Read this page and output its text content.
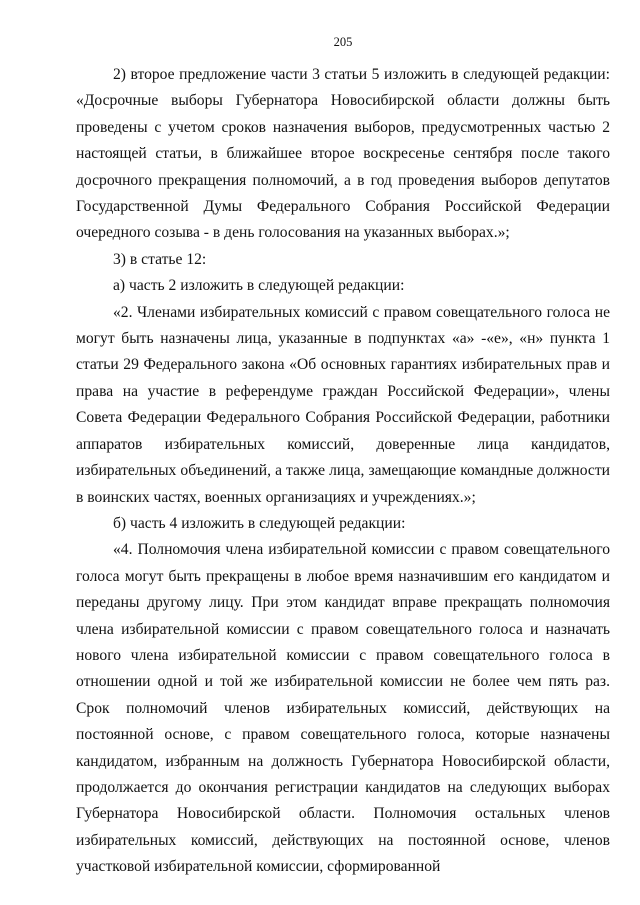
205

2) второе предложение части 3 статьи 5 изложить в следующей редакции: «Досрочные выборы Губернатора Новосибирской области должны быть проведены с учетом сроков назначения выборов, предусмотренных частью 2 настоящей статьи, в ближайшее второе воскресенье сентября после такого досрочного прекращения полномочий, а в год проведения выборов депутатов Государственной Думы Федерального Собрания Российской Федерации очередного созыва - в день голосования на указанных выборах.»;

3) в статье 12:

а) часть 2 изложить в следующей редакции:

«2. Членами избирательных комиссий с правом совещательного голоса не могут быть назначены лица, указанные в подпунктах «а» -«е», «н» пункта 1 статьи 29 Федерального закона «Об основных гарантиях избирательных прав и права на участие в референдуме граждан Российской Федерации», члены Совета Федерации Федерального Собрания Российской Федерации, работники аппаратов избирательных комиссий, доверенные лица кандидатов, избирательных объединений, а также лица, замещающие командные должности в воинских частях, военных организациях и учреждениях.»;

б) часть 4 изложить в следующей редакции:

«4. Полномочия члена избирательной комиссии с правом совещательного голоса могут быть прекращены в любое время назначившим его кандидатом и переданы другому лицу. При этом кандидат вправе прекращать полномочия члена избирательной комиссии с правом совещательного голоса и назначать нового члена избирательной комиссии с правом совещательного голоса в отношении одной и той же избирательной комиссии не более чем пять раз. Срок полномочий членов избирательных комиссий, действующих на постоянной основе, с правом совещательного голоса, которые назначены кандидатом, избранным на должность Губернатора Новосибирской области, продолжается до окончания регистрации кандидатов на следующих выборах Губернатора Новосибирской области. Полномочия остальных членов избирательных комиссий, действующих на постоянной основе, членов участковой избирательной комиссии, сформированной
